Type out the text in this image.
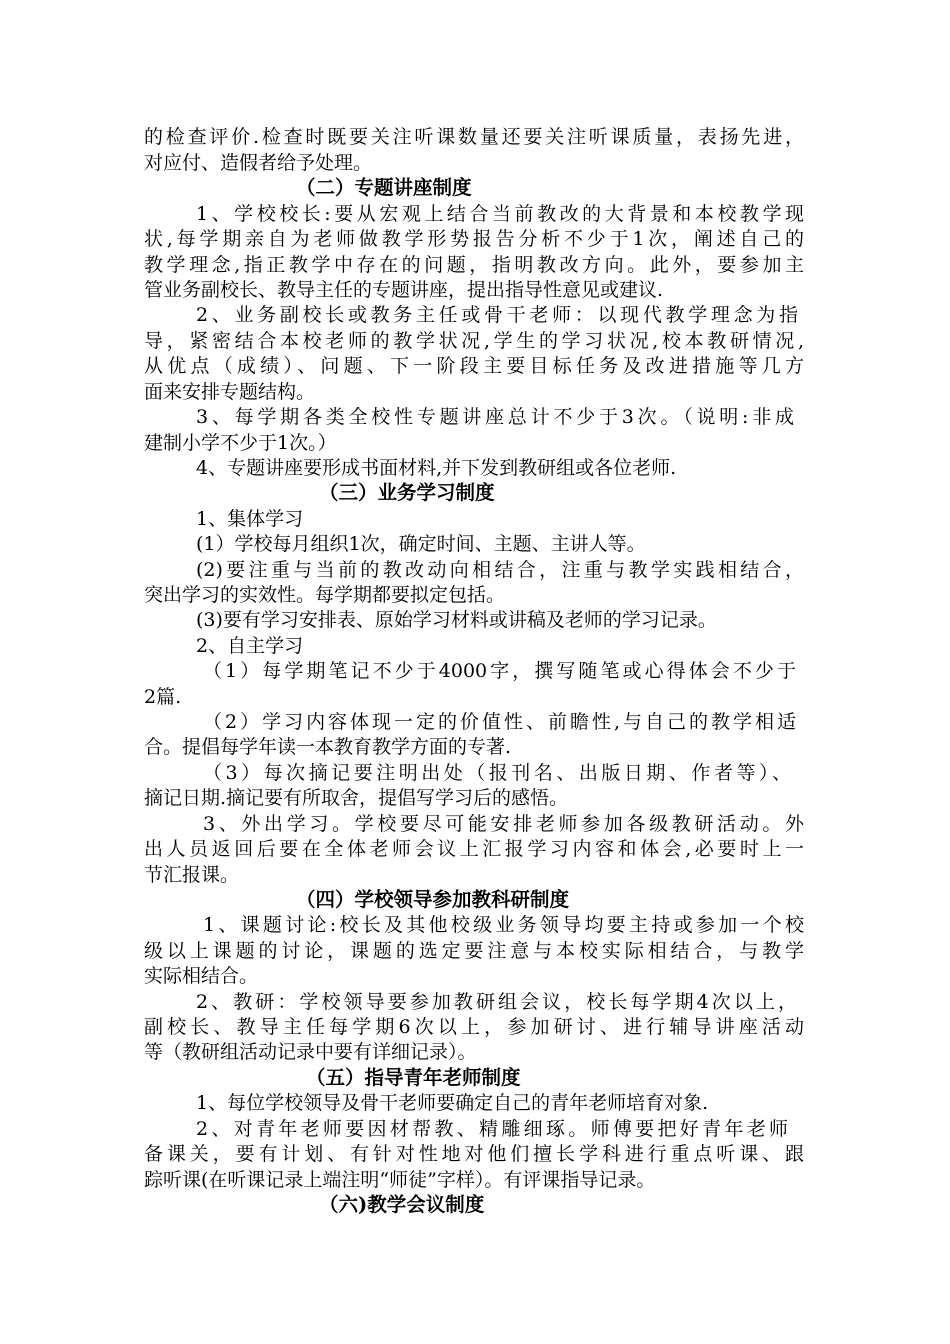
的检查评价.检查时既要关注听课数量还要关注听课质量，表扬先进，
对应付、造假者给予处理。
（二）专题讲座制度
1、学校校长:要从宏观上结合当前教改的大背景和本校教学现
状,每学期亲自为老师做教学形势报告分析不少于1次，阐述自己的
教学理念,指正教学中存在的问题，指明教改方向。此外，要参加主
管业务副校长、教导主任的专题讲座，提出指导性意见或建议.
2、业务副校长或教务主任或骨干老师：以现代教学理念为指
导，紧密结合本校老师的教学状况,学生的学习状况,校本教研情况,
从优点（成绩）、问题、下一阶段主要目标任务及改进措施等几方
面来安排专题结构。
3、每学期各类全校性专题讲座总计不少于3次。（说明:非成
建制小学不少于1次。）
4、专题讲座要形成书面材料,并下发到教研组或各位老师.
（三）业务学习制度
1、集体学习
(1）学校每月组织1次，确定时间、主题、主讲人等。
(2)要注重与当前的教改动向相结合，注重与教学实践相结合，
突出学习的实效性。每学期都要拟定包括。
(3)要有学习安排表、原始学习材料或讲稿及老师的学习记录。
2、自主学习
（1）每学期笔记不少于4000字，撰写随笔或心得体会不少于
2篇.
（2）学习内容体现一定的价值性、前瞻性,与自己的教学相适
合。提倡每学年读一本教育教学方面的专著.
（3）每次摘记要注明出处（报刊名、出版日期、作者等）、
摘记日期.摘记要有所取舍，提倡写学习后的感悟。
3、外出学习。学校要尽可能安排老师参加各级教研活动。外
出人员返回后要在全体老师会议上汇报学习内容和体会,必要时上一
节汇报课。
（四）学校领导参加教科研制度
1、课题讨论:校长及其他校级业务领导均要主持或参加一个校
级以上课题的讨论，课题的选定要注意与本校实际相结合，与教学
实际相结合。
2、教研：学校领导要参加教研组会议，校长每学期4次以上，
副校长、教导主任每学期6次以上，参加研讨、进行辅导讲座活动
等（教研组活动记录中要有详细记录）。
（五）指导青年老师制度
1、每位学校领导及骨干老师要确定自己的青年老师培育对象.
2、对青年老师要因材帮教、精雕细琢。师傅要把好青年老师
备课关，要有计划、有针对性地对他们擅长学科进行重点听课、跟
踪听课(在听课记录上端注明“师徒”字样）。有评课指导记录。
（六)教学会议制度
